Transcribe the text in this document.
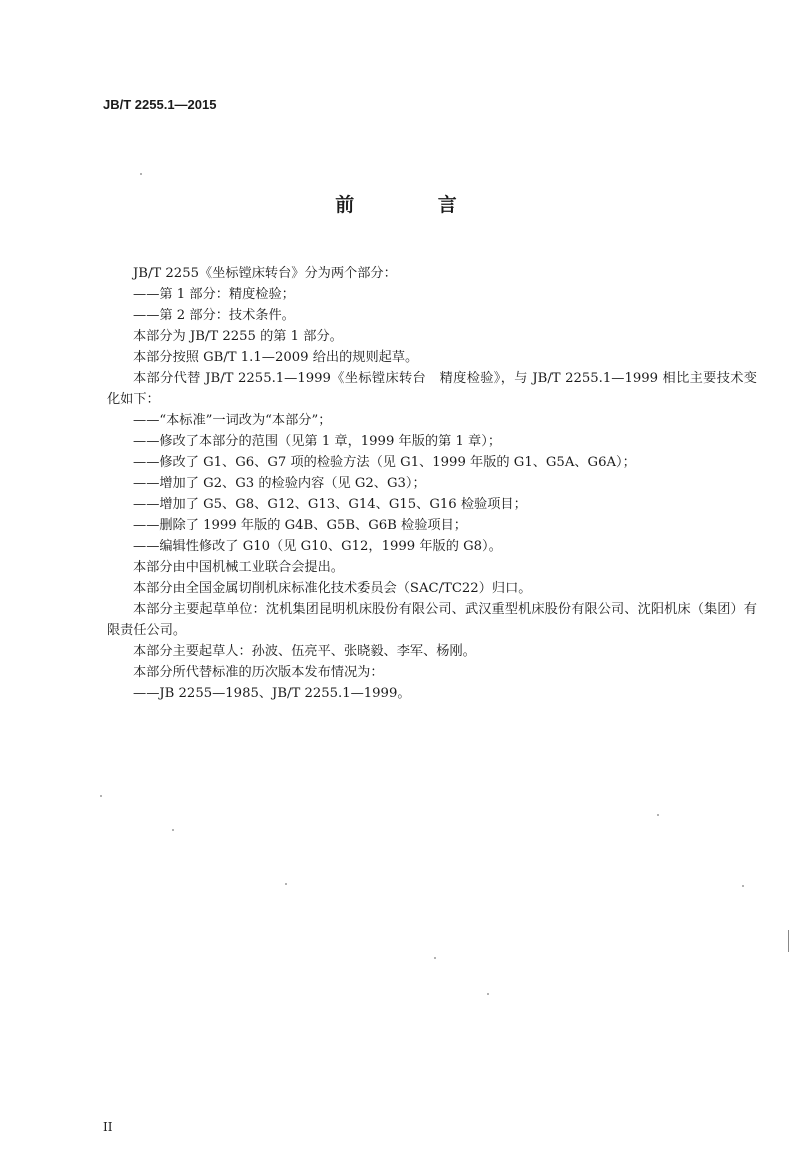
JB/T 2255.1—2015
前　言

JB/T 2255《坐标镗床转台》分为两个部分：

——第 1 部分：精度检验；

——第 2 部分：技术条件。

本部分为 JB/T 2255 的第 1 部分。

本部分按照 GB/T 1.1—2009 给出的规则起草。

本部分代替 JB/T 2255.1—1999《坐标镗床转台　精度检验》，与 JB/T 2255.1—1999 相比主要技术变化如下：

——“本标准”一词改为“本部分”；

——修改了本部分的范围（见第 1 章，1999 年版的第 1 章）；

——修改了 G1、G6、G7 项的检验方法（见 G1、1999 年版的 G1、G5A、G6A）；

——增加了 G2、G3 的检验内容（见 G2、G3）；

——增加了 G5、G8、G12、G13、G14、G15、G16 检验项目；

——删除了 1999 年版的 G4B、G5B、G6B 检验项目；

——编辑性修改了 G10（见 G10、G12，1999 年版的 G8）。

本部分由中国机械工业联合会提出。

本部分由全国金属切削机床标准化技术委员会（SAC/TC22）归口。

本部分主要起草单位：沈机集团昆明机床股份有限公司、武汉重型机床股份有限公司、沈阳机床（集团）有限责任公司。

本部分主要起草人：孙波、伍亮平、张晓毅、李军、杨刚。

本部分所代替标准的历次版本发布情况为：

——JB 2255—1985、JB/T 2255.1—1999。

II
